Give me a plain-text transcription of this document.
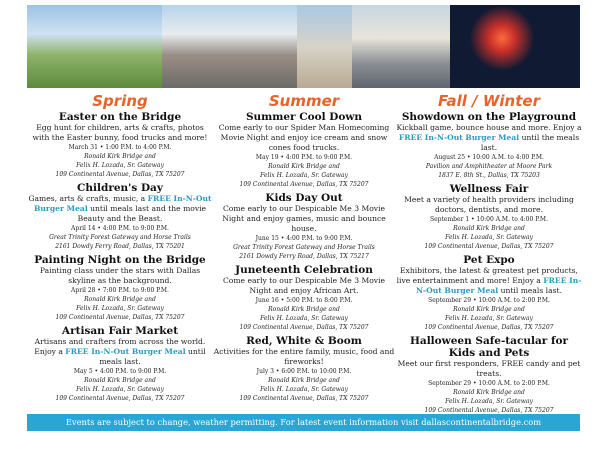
Spring
Easter on the Bridge
Egg hunt for children, arts & crafts, photos with the Easter bunny, food trucks and more!
March 31 • 1:00 P.M. to 4:00 P.M.
Ronald Kirk Bridge and
Felix H. Lozada, Sr. Gateway
109 Continental Avenue, Dallas, TX 75207
Children's Day
Games, arts & crafts, music, a FREE In-N-Out Burger Meal until meals last and the movie Beauty and the Beast.
April 14 • 4:00 P.M. to 9:00 P.M.
Great Trinity Forest Gateway and Horse Trails
2161 Dowdy Ferry Road, Dallas, TX 75201
Painting Night on the Bridge
Painting class under the stars with Dallas skyline as the background.
April 28 • 7:00 P.M. to 9:00 P.M.
Ronald Kirk Bridge and
Felix H. Lozada, Sr. Gateway
109 Continental Avenue, Dallas, TX 75207
Artisan Fair Market
Artisans and crafters from across the world. Enjoy a FREE In-N-Out Burger Meal until meals last.
May 5 • 4:00 P.M. to 9:00 P.M.
Ronald Kirk Bridge and
Felix H. Lozada, Sr. Gateway
109 Continental Avenue, Dallas, TX 75207
Summer
Summer Cool Down
Come early to our Spider Man Homecoming Movie Night and enjoy ice cream and snow cones food trucks.
May 19 • 4:00 P.M. to 9:00 P.M.
Ronald Kirk Bridge and
Felix H. Lozada, Sr. Gateway
109 Continental Avenue, Dallas, TX 75207
Kids Day Out
Come early to our Despicable Me 3 Movie Night and enjoy games, music and bounce house.
June 15 • 4:00 P.M. to 9:00 P.M.
Great Trinity Forest Gateway and Horse Trails
2161 Dowdy Ferry Road, Dallas, TX 75217
Juneteenth Celebration
Come early to our Despicable Me 3 Movie Night and enjoy African Art.
June 16 • 5:00 P.M. to 8:00 P.M.
Ronald Kirk Bridge and
Felix H. Lozada, Sr. Gateway
109 Continental Avenue, Dallas, TX 75207
Red, White & Boom
Activities for the entire family, music, food and fireworks!
July 3 • 6:00 P.M. to 10:00 P.M.
Ronald Kirk Bridge and
Felix H. Lozada, Sr. Gateway
109 Continental Avenue, Dallas, TX 75207
Fall / Winter
Showdown on the Playground
Kickball game, bounce house and more. Enjoy a FREE In-N-Out Burger Meal until the meals last.
August 25 • 10:00 A.M. to 4:00 P.M.
Pavilion and Amphitheater at Moore Park
1837 E. 8th St., Dallas, TX 75203
Wellness Fair
Meet a variety of health providers including doctors, dentists, and more.
September 1 • 10:00 A.M. to 4:00 P.M.
Ronald Kirk Bridge and
Felix H. Lozada, Sr. Gateway
109 Continental Avenue, Dallas, TX 75207
Pet Expo
Exhibitors, the latest & greatest pet products, live entertainment and more! Enjoy a FREE In-N-Out Burger Meal until meals last.
September 29 • 10:00 A.M. to 2:00 P.M.
Ronald Kirk Bridge and
Felix H. Lozada, Sr. Gateway
109 Continental Avenue, Dallas, TX 75207
Halloween Safe-tacular for Kids and Pets
Meet our first responders, FREE candy and pet treats.
September 29 • 10:00 A.M. to 2:00 P.M.
Ronald Kirk Bridge and
Felix H. Lozada, Sr. Gateway
109 Continental Avenue, Dallas, TX 75207
Events are subject to change, weather permitting. For latest event information visit dallascontinentalbridge.com
